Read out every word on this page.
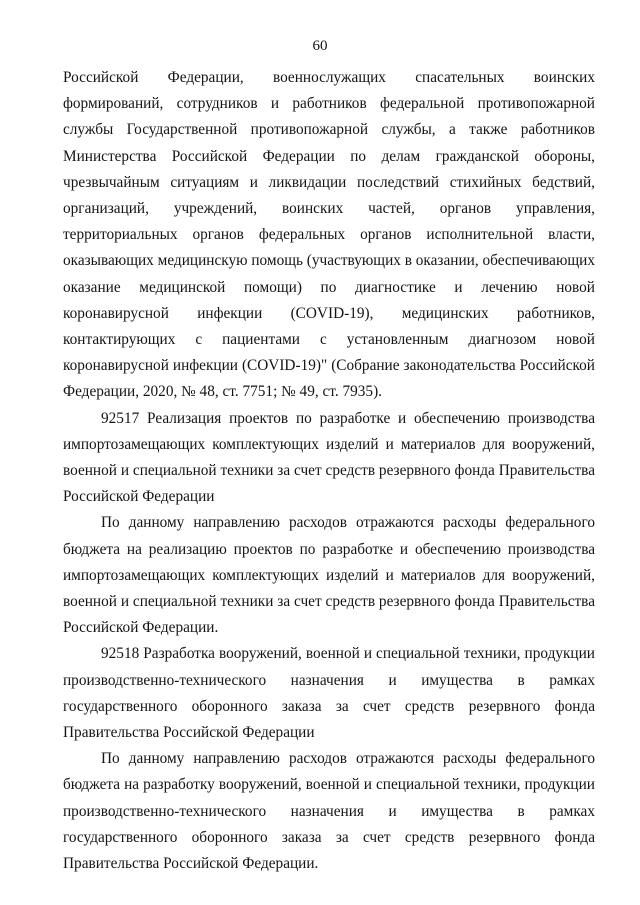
60

Российской Федерации, военнослужащих спасательных воинских формирований, сотрудников и работников федеральной противопожарной службы Государственной противопожарной службы, а также работников Министерства Российской Федерации по делам гражданской обороны, чрезвычайным ситуациям и ликвидации последствий стихийных бедствий, организаций, учреждений, воинских частей, органов управления, территориальных органов федеральных органов исполнительной власти, оказывающих медицинскую помощь (участвующих в оказании, обеспечивающих оказание медицинской помощи) по диагностике и лечению новой коронавирусной инфекции (COVID-19), медицинских работников, контактирующих с пациентами с установленным диагнозом новой коронавирусной инфекции (COVID-19)" (Собрание законодательства Российской Федерации, 2020, № 48, ст. 7751; № 49, ст. 7935).

92517 Реализация проектов по разработке и обеспечению производства импортозамещающих комплектующих изделий и материалов для вооружений, военной и специальной техники за счет средств резервного фонда Правительства Российской Федерации

По данному направлению расходов отражаются расходы федерального бюджета на реализацию проектов по разработке и обеспечению производства импортозамещающих комплектующих изделий и материалов для вооружений, военной и специальной техники за счет средств резервного фонда Правительства Российской Федерации.

92518 Разработка вооружений, военной и специальной техники, продукции производственно-технического назначения и имущества в рамках государственного оборонного заказа за счет средств резервного фонда Правительства Российской Федерации

По данному направлению расходов отражаются расходы федерального бюджета на разработку вооружений, военной и специальной техники, продукции производственно-технического назначения и имущества в рамках государственного оборонного заказа за счет средств резервного фонда Правительства Российской Федерации.
